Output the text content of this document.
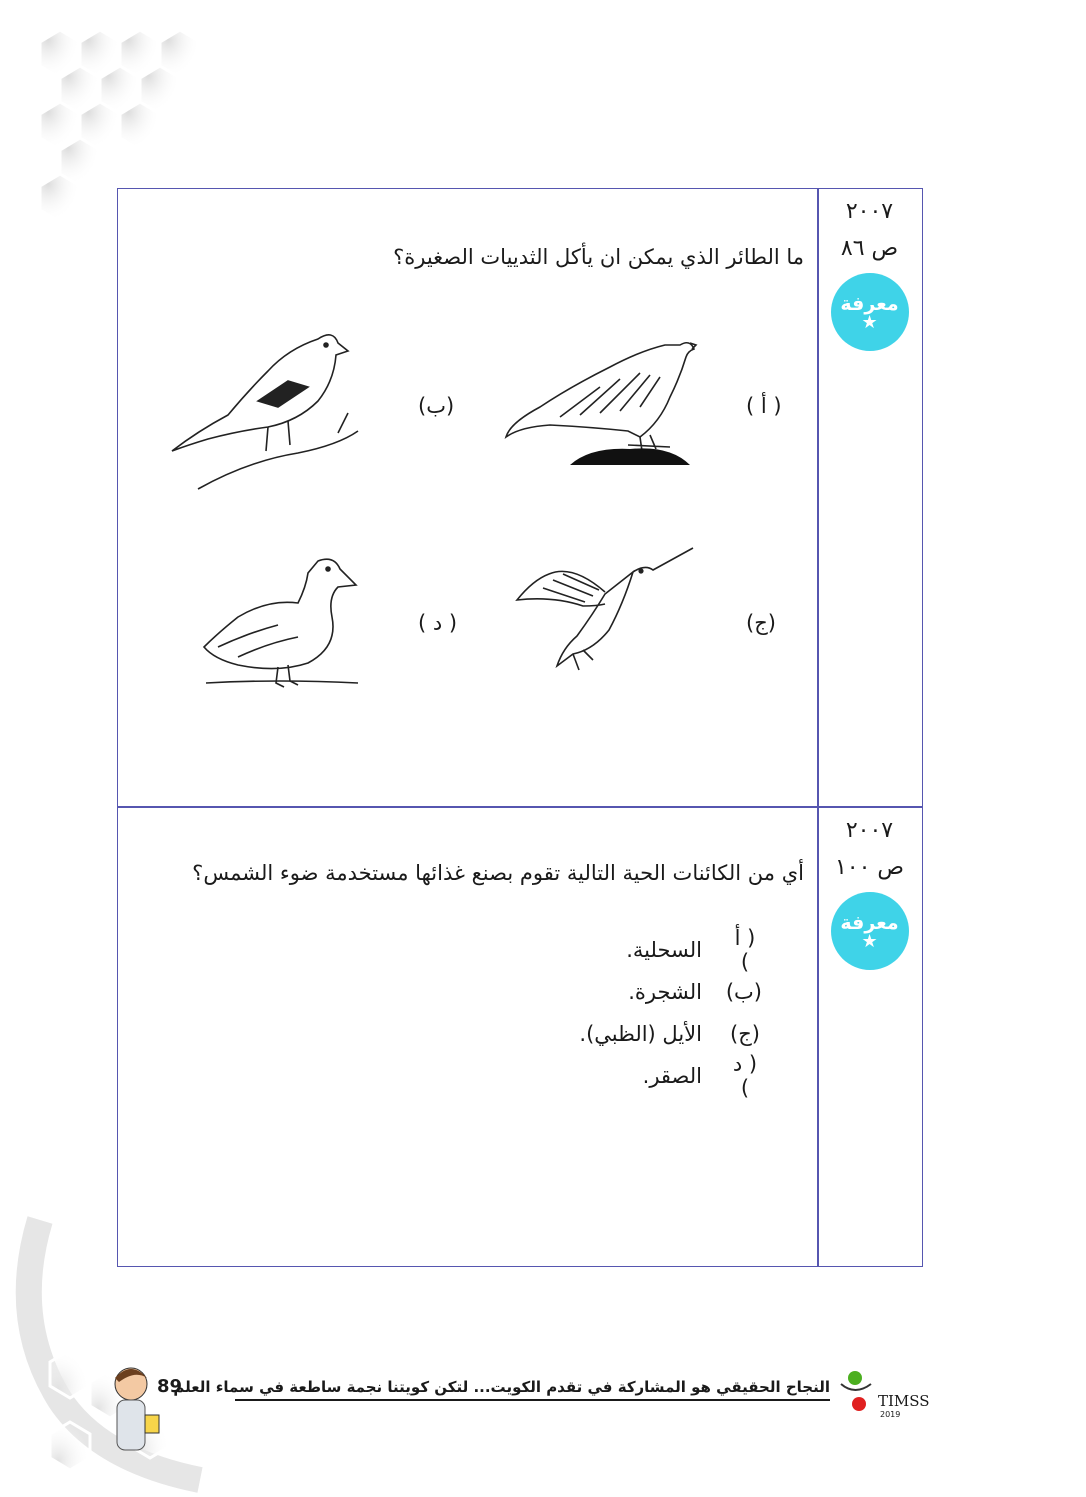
٢٠٠٧
ص ٨٦
معرفة
★
ما الطائر الذي يمكن ان يأكل الثدييات الصغيرة؟
( أ )
(ب)
(ج)
( د )
٢٠٠٧
ص ١٠٠
معرفة
★
أي من الكائنات الحية التالية تقوم بصنع غذائها مستخدمة ضوء الشمس؟
( أ )
السحلية.
(ب)
الشجرة.
(ج)
الأيل (الظبي).
( د )
الصقر.
89
النجاح الحقيقي هو المشاركة في تقدم الكويت... لتكن كويتنا نجمة ساطعة في سماء العلم
TIMSS
2019
